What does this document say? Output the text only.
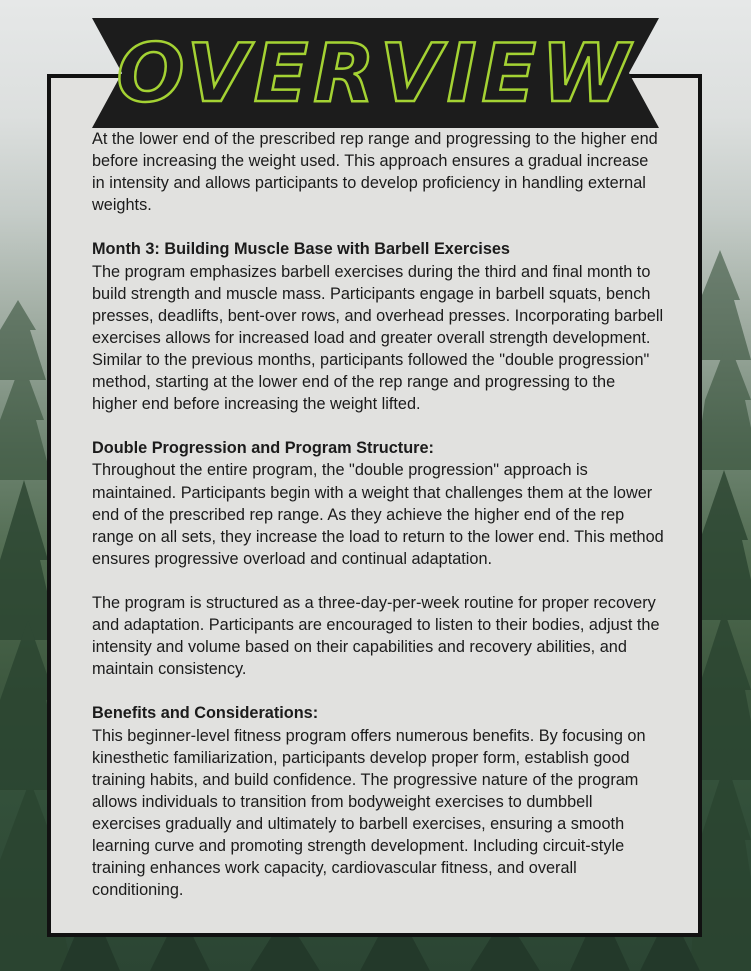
OVERVIEW

At the lower end of the prescribed rep range and progressing to the higher end before increasing the weight used. This approach ensures a gradual increase in intensity and allows participants to develop proficiency in handling external weights.

Month 3: Building Muscle Base with Barbell Exercises

The program emphasizes barbell exercises during the third and final month to build strength and muscle mass. Participants engage in barbell squats, bench presses, deadlifts, bent-over rows, and overhead presses. Incorporating barbell exercises allows for increased load and greater overall strength development. Similar to the previous months, participants followed the "double progression" method, starting at the lower end of the rep range and progressing to the higher end before increasing the weight lifted.

Double Progression and Program Structure:

Throughout the entire program, the "double progression" approach is maintained. Participants begin with a weight that challenges them at the lower end of the prescribed rep range. As they achieve the higher end of the rep range on all sets, they increase the load to return to the lower end. This method ensures progressive overload and continual adaptation.

The program is structured as a three-day-per-week routine for proper recovery and adaptation. Participants are encouraged to listen to their bodies, adjust the intensity and volume based on their capabilities and recovery abilities, and maintain consistency.

Benefits and Considerations:

This beginner-level fitness program offers numerous benefits. By focusing on kinesthetic familiarization, participants develop proper form, establish good training habits, and build confidence. The progressive nature of the program allows individuals to transition from bodyweight exercises to dumbbell exercises gradually and ultimately to barbell exercises, ensuring a smooth learning curve and promoting strength development. Including circuit-style training enhances work capacity, cardiovascular fitness, and overall conditioning.
